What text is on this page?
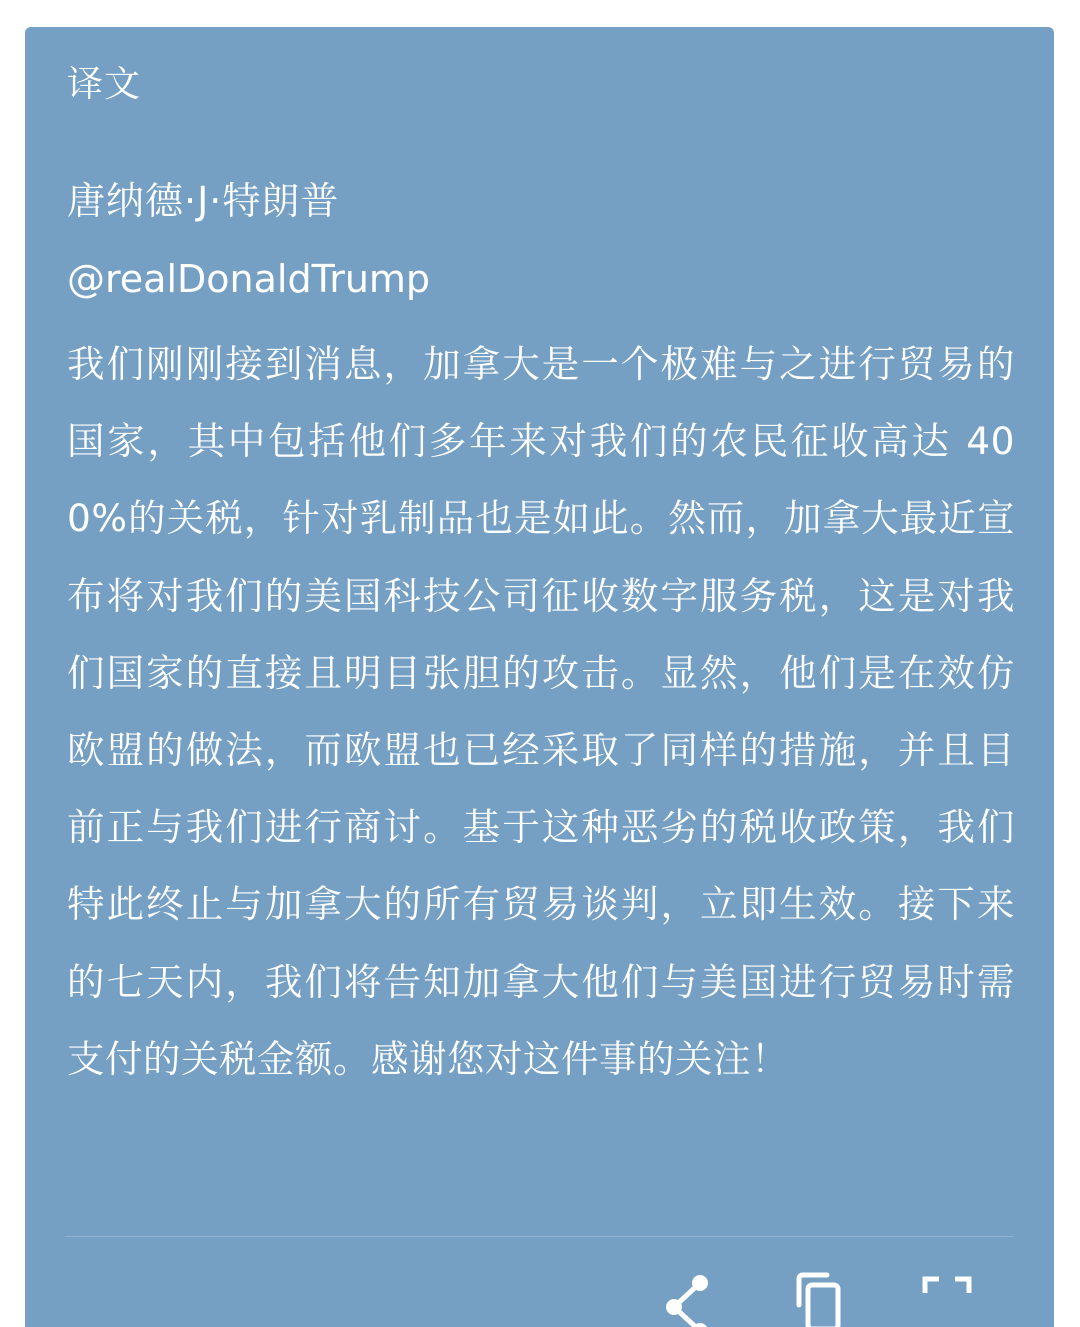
译文
唐纳德·J·特朗普
@realDonaldTrump
我们刚刚接到消息，加拿大是一个极难与之进行贸易的国家，其中包括他们多年来对我们的农民征收高达 400%的关税，针对乳制品也是如此。然而，加拿大最近宣布将对我们的美国科技公司征收数字服务税，这是对我们国家的直接且明目张胆的攻击。显然，他们是在效仿欧盟的做法，而欧盟也已经采取了同样的措施，并且目前正与我们进行商讨。基于这种恶劣的税收政策，我们特此终止与加拿大的所有贸易谈判，立即生效。接下来的七天内，我们将告知加拿大他们与美国进行贸易时需支付的关税金额。感谢您对这件事的关注！
